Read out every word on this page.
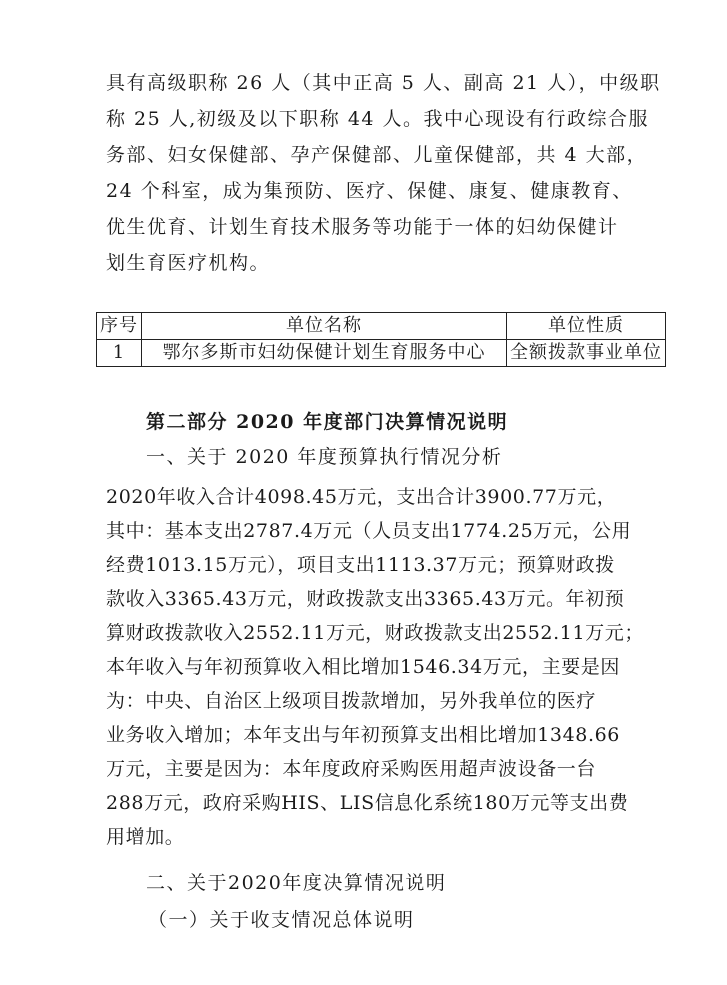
具有高级职称 26 人（其中正高 5 人、副高 21 人），中级职
称 25 人,初级及以下职称 44 人。我中心现设有行政综合服
务部、妇女保健部、孕产保健部、儿童保健部，共 4 大部，
24 个科室，成为集预防、医疗、保健、康复、健康教育、
优生优育、计划生育技术服务等功能于一体的妇幼保健计
划生育医疗机构。
序号	单位名称	单位性质
1	鄂尔多斯市妇幼保健计划生育服务中心	全额拨款事业单位
第二部分 2020 年度部门决算情况说明

一、关于 2020 年度预算执行情况分析

2020年收入合计4098.45万元，支出合计3900.77万元，
其中：基本支出2787.4万元（人员支出1774.25万元，公用
经费1013.15万元），项目支出1113.37万元；预算财政拨
款收入3365.43万元，财政拨款支出3365.43万元。年初预
算财政拨款收入2552.11万元，财政拨款支出2552.11万元；
本年收入与年初预算收入相比增加1546.34万元，主要是因
为：中央、自治区上级项目拨款增加，另外我单位的医疗
业务收入增加；本年支出与年初预算支出相比增加1348.66
万元，主要是因为：本年度政府采购医用超声波设备一台
288万元，政府采购HIS、LIS信息化系统180万元等支出费
用增加。

二、关于2020年度决算情况说明

（一）关于收支情况总体说明
